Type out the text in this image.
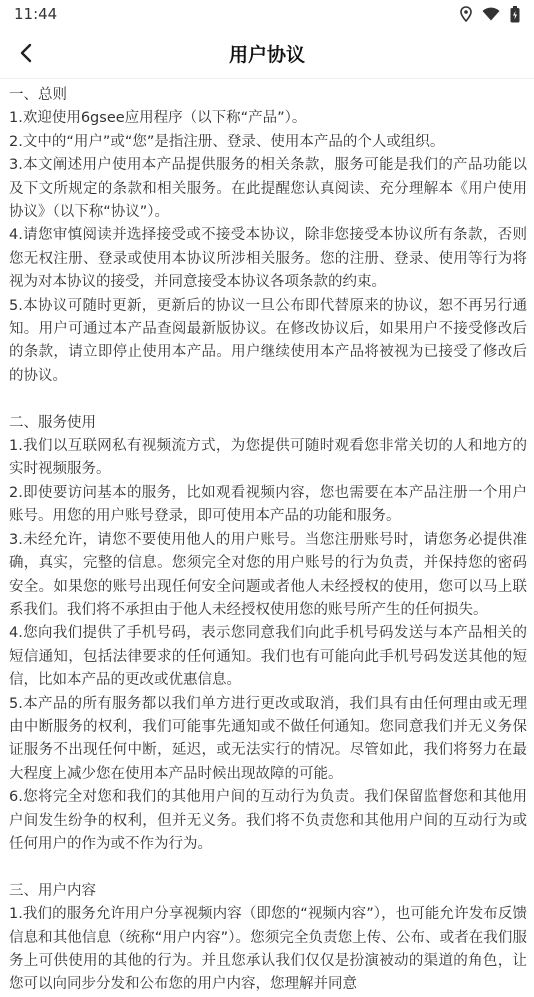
11:44
用户协议

一、总则

1.欢迎使用6gsee应用程序（以下称“产品”）。

2.文中的“用户”或“您”是指注册、登录、使用本产品的个人或组织。

3.本文阐述用户使用本产品提供服务的相关条款，服务可能是我们的产品功能以及下文所规定的条款和相关服务。在此提醒您认真阅读、充分理解本《用户使用协议》（以下称“协议”）。

4.请您审慎阅读并选择接受或不接受本协议，除非您接受本协议所有条款，否则您无权注册、登录或使用本协议所涉相关服务。您的注册、登录、使用等行为将视为对本协议的接受，并同意接受本协议各项条款的约束。

5.本协议可随时更新，更新后的协议一旦公布即代替原来的协议，恕不再另行通知。用户可通过本产品查阅最新版协议。在修改协议后，如果用户不接受修改后的条款，请立即停止使用本产品。用户继续使用本产品将被视为已接受了修改后的协议。

二、服务使用

1.我们以互联网私有视频流方式，为您提供可随时观看您非常关切的人和地方的实时视频服务。

2.即使要访问基本的服务，比如观看视频内容，您也需要在本产品注册一个用户账号。用您的用户账号登录，即可使用本产品的功能和服务。

3.未经允许，请您不要使用他人的用户账号。当您注册账号时，请您务必提供准确，真实，完整的信息。您须完全对您的用户账号的行为负责，并保持您的密码安全。如果您的账号出现任何安全问题或者他人未经授权的使用，您可以马上联系我们。我们将不承担由于他人未经授权使用您的账号所产生的任何损失。

4.您向我们提供了手机号码，表示您同意我们向此手机号码发送与本产品相关的短信通知，包括法律要求的任何通知。我们也有可能向此手机号码发送其他的短信，比如本产品的更改或优惠信息。

5.本产品的所有服务都以我们单方进行更改或取消，我们具有由任何理由或无理由中断服务的权利，我们可能事先通知或不做任何通知。您同意我们并无义务保证服务不出现任何中断，延迟，或无法实行的情况。尽管如此，我们将努力在最大程度上减少您在使用本产品时候出现故障的可能。

6.您将完全对您和我们的其他用户间的互动行为负责。我们保留监督您和其他用户间发生纷争的权利，但并无义务。我们将不负责您和其他用户间的互动行为或任何用户的作为或不作为行为。

三、用户内容

1.我们的服务允许用户分享视频内容（即您的“视频内容”），也可能允许发布反馈信息和其他信息（统称“用户内容”）。您须完全负责您上传、公布、或者在我们服务上可供使用的其他的行为。并且您承认我们仅仅是扮演被动的渠道的角色，让您可以向同步分发和公布您的用户内容，您理解并同意
